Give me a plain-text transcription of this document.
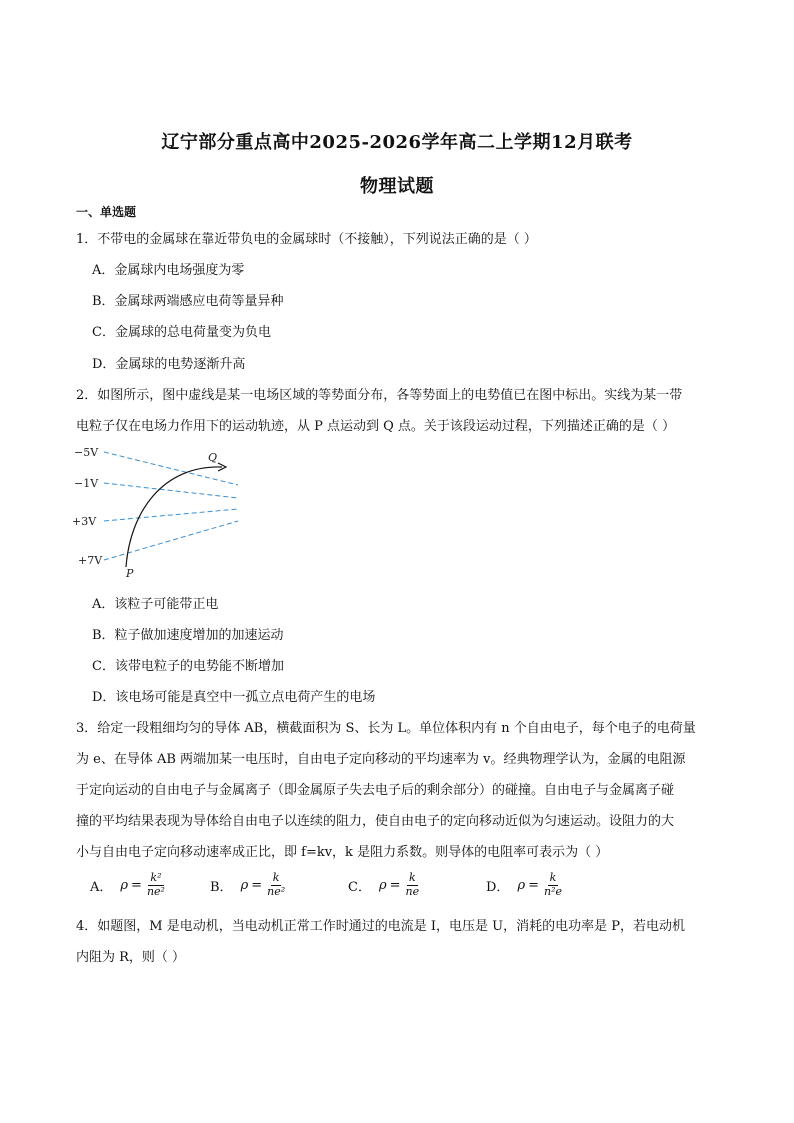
辽宁部分重点高中2025-2026学年高二上学期12月联考
物理试题
一、单选题
1．不带电的金属球在靠近带负电的金属球时（不接触），下列说法正确的是（ ）
A．金属球内电场强度为零
B．金属球两端感应电荷等量异种
C．金属球的总电荷量变为负电
D．金属球的电势逐渐升高
2．如图所示，图中虚线是某一电场区域的等势面分布，各等势面上的电势值已在图中标出。实线为某一带
电粒子仅在电场力作用下的运动轨迹，从 P 点运动到 Q 点。关于该段运动过程，下列描述正确的是（ ）
−5V
−1V
+3V
+7V
P
Q
A．该粒子可能带正电
B．粒子做加速度增加的加速运动
C．该带电粒子的电势能不断增加
D．该电场可能是真空中一孤立点电荷产生的电场
3．给定一段粗细均匀的导体 AB，横截面积为 S、长为 L。单位体积内有 n 个自由电子，每个电子的电荷量
为 e、在导体 AB 两端加某一电压时，自由电子定向移动的平均速率为 v。经典物理学认为，金属的电阻源
于定向运动的自由电子与金属离子（即金属原子失去电子后的剩余部分）的碰撞。自由电子与金属离子碰
撞的平均结果表现为导体给自由电子以连续的阻力，使自由电子的定向移动近似为匀速运动。设阻力的大
小与自由电子定向移动速率成正比，即 f=kv，k 是阻力系数。则导体的电阻率可表示为（ ）
A． $\rho = \frac{\text{k²}}{\text{ne²}}$	B． $\rho = \frac{k}{\text{ne²}}$	C． $\rho = \frac{k}{ne}$	D． $\rho = \frac{k}{\text{n²e}}$
4．如题图，M 是电动机，当电动机正常工作时通过的电流是 I，电压是 U，消耗的电功率是 P，若电动机
内阻为 R，则（ ）
